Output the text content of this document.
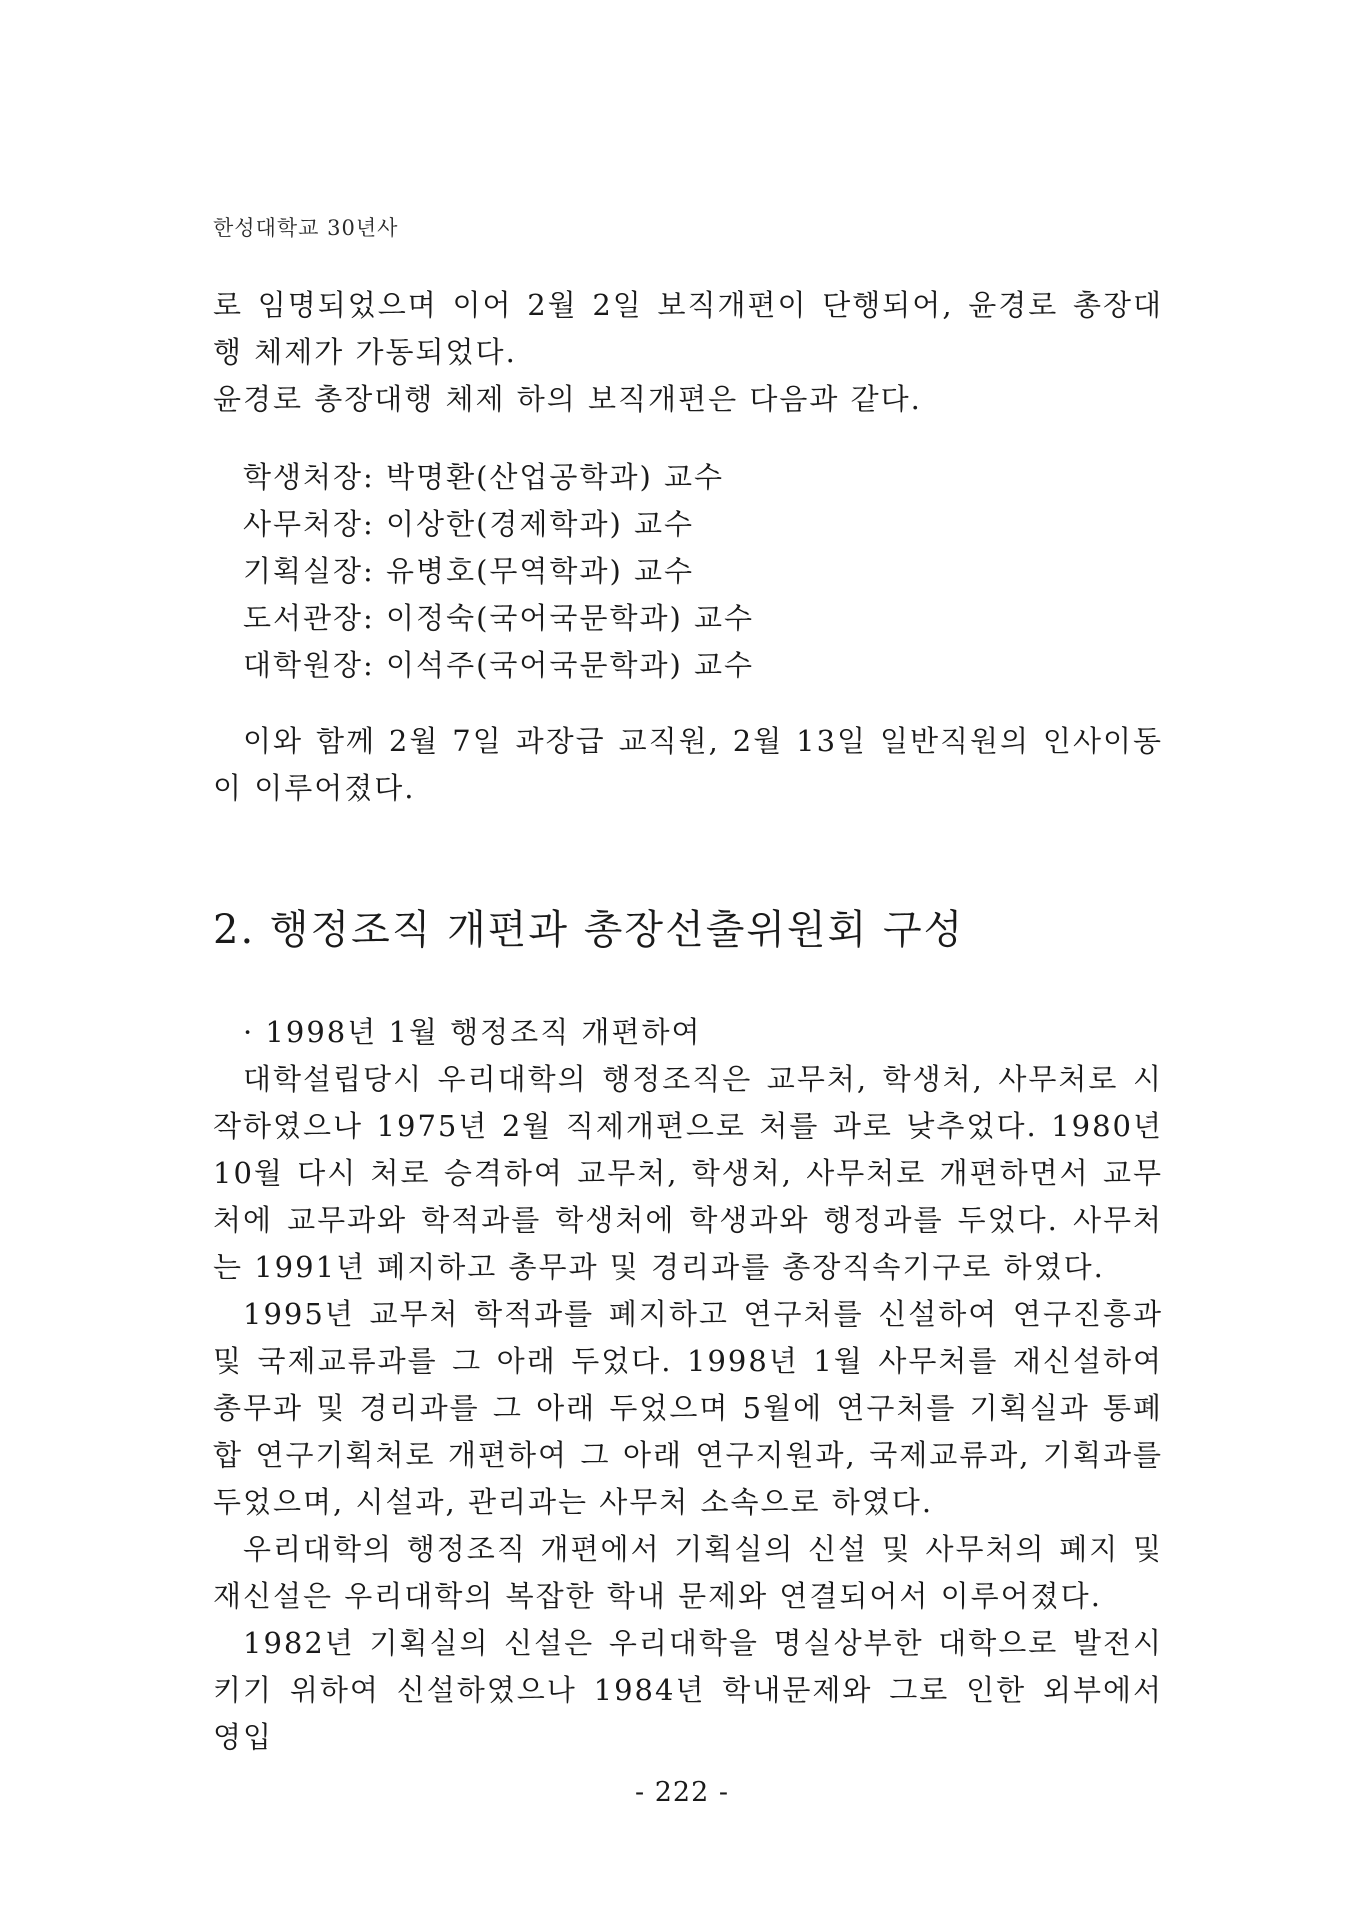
한성대학교 30년사

로 임명되었으며 이어 2월 2일 보직개편이 단행되어, 윤경로 총장대행 체제가 가동되었다.

윤경로 총장대행 체제 하의 보직개편은 다음과 같다.

학생처장: 박명환(산업공학과) 교수
사무처장: 이상한(경제학과) 교수
기획실장: 유병호(무역학과) 교수
도서관장: 이정숙(국어국문학과) 교수
대학원장: 이석주(국어국문학과) 교수

이와 함께 2월 7일 과장급 교직원, 2월 13일 일반직원의 인사이동이 이루어졌다.

2. 행정조직 개편과 총장선출위원회 구성
· 1998년 1월 행정조직 개편하여

대학설립당시 우리대학의 행정조직은 교무처, 학생처, 사무처로 시작하였으나 1975년 2월 직제개편으로 처를 과로 낮추었다. 1980년 10월 다시 처로 승격하여 교무처, 학생처, 사무처로 개편하면서 교무처에 교무과와 학적과를 학생처에 학생과와 행정과를 두었다. 사무처는 1991년 폐지하고 총무과 및 경리과를 총장직속기구로 하였다.

1995년 교무처 학적과를 폐지하고 연구처를 신설하여 연구진흥과 및 국제교류과를 그 아래 두었다. 1998년 1월 사무처를 재신설하여 총무과 및 경리과를 그 아래 두었으며 5월에 연구처를 기획실과 통폐합 연구기획처로 개편하여 그 아래 연구지원과, 국제교류과, 기획과를 두었으며, 시설과, 관리과는 사무처 소속으로 하였다.

우리대학의 행정조직 개편에서 기획실의 신설 및 사무처의 폐지 및 재신설은 우리대학의 복잡한 학내 문제와 연결되어서 이루어졌다.

1982년 기획실의 신설은 우리대학을 명실상부한 대학으로 발전시키기 위하여 신설하였으나 1984년 학내문제와 그로 인한 외부에서 영입

- 222 -
